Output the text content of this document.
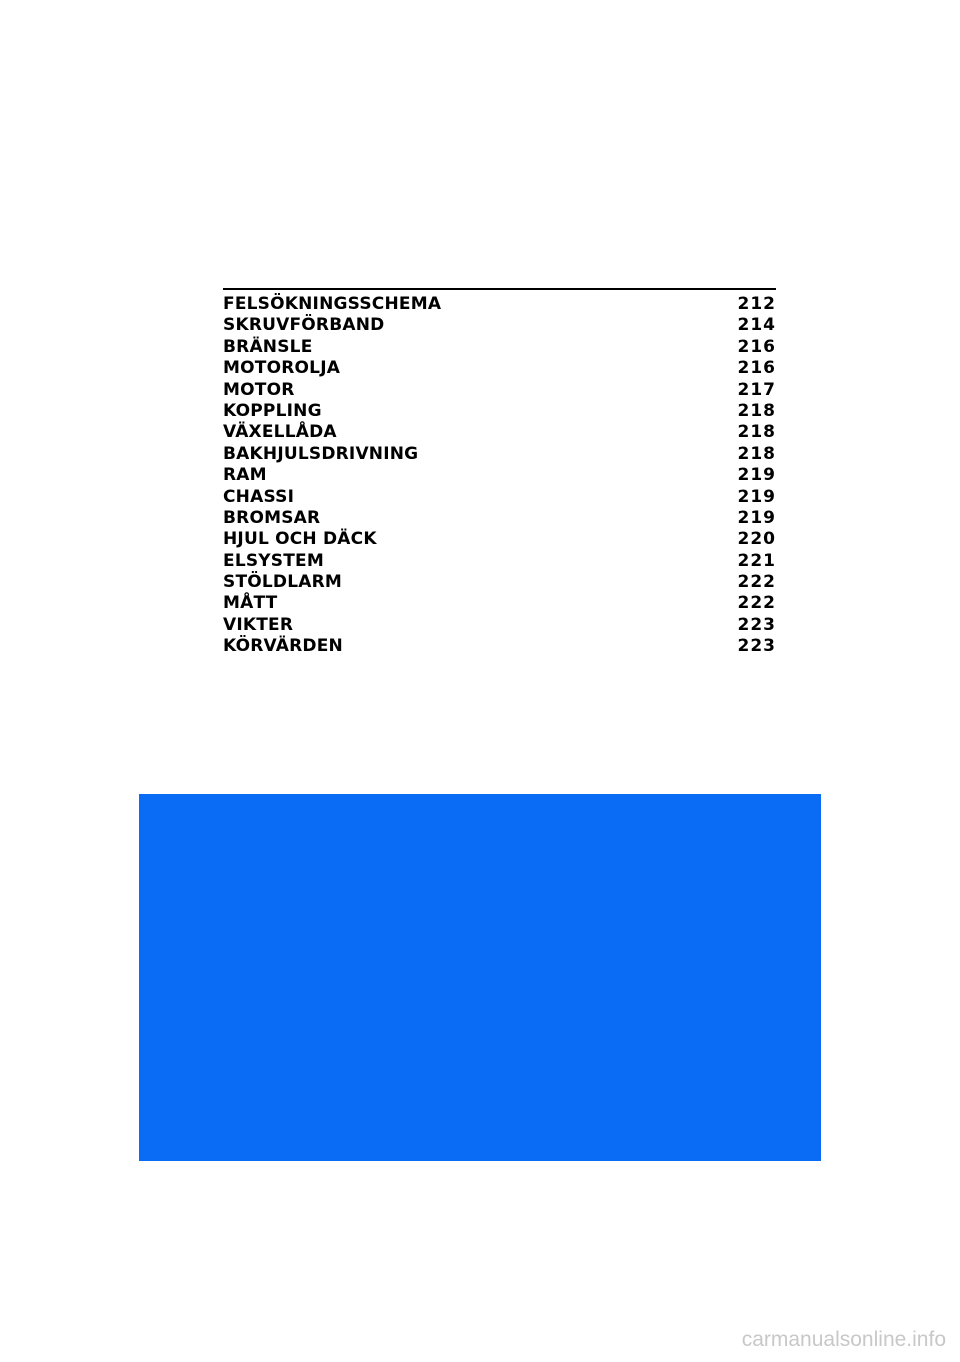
FELSÖKNINGSSCHEMA	212
SKRUVFÖRBAND	214
BRÄNSLE	216
MOTOROLJA	216
MOTOR	217
KOPPLING	218
VÄXELLÅDA	218
BAKHJULSDRIVNING	218
RAM	219
CHASSI	219
BROMSAR	219
HJUL OCH DÄCK	220
ELSYSTEM	221
STÖLDLARM	222
MÅTT	222
VIKTER	223
KÖRVÄRDEN	223
carmanualsonline.info
